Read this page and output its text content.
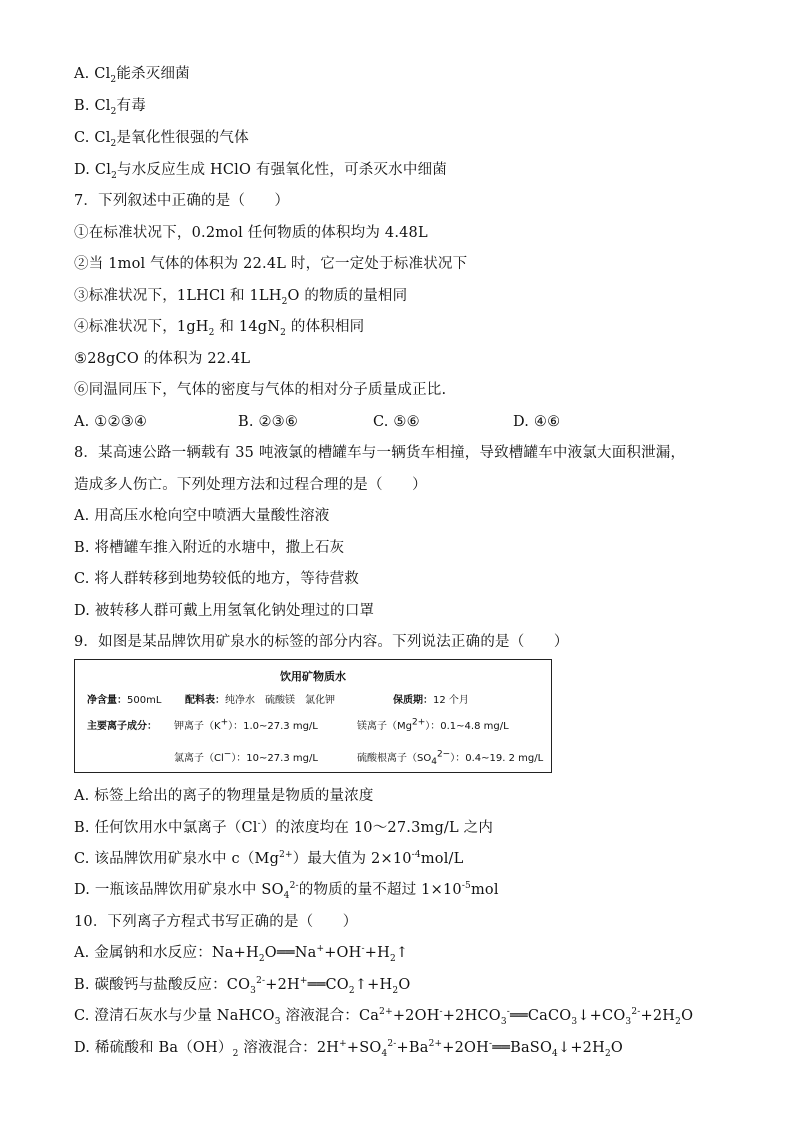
A. $Cl_2$能杀灭细菌
B. $Cl_2$有毒
C. $Cl_2$是氧化性很强的气体
D. $Cl_2$与水反应生成 HClO 有强氧化性，可杀灭水中细菌
7．下列叙述中正确的是（　　）
①在标准状况下，0.2mol 任何物质的体积均为 4.48L
②当 1mol 气体的体积为 22.4L 时，它一定处于标准状况下
③标准状况下，1LHCl 和 $1LH_2O$ 的物质的量相同
④标准状况下，$1gH_2$ 和 $14gN_2$ 的体积相同
⑤28gCO 的体积为 22.4L
⑥同温同压下，气体的密度与气体的相对分子质量成正比.
A. ①②③④	B. ②③⑥	C. ⑤⑥	D. ④⑥
8．某高速公路一辆载有 35 吨液氯的槽罐车与一辆货车相撞，导致槽罐车中液氯大面积泄漏，
造成多人伤亡。下列处理方法和过程合理的是（　　）
A. 用高压水枪向空中喷洒大量酸性溶液
B. 将槽罐车推入附近的水塘中，撒上石灰
C. 将人群转移到地势较低的地方，等待营救
D. 被转移人群可戴上用氢氧化钠处理过的口罩
9．如图是某品牌饮用矿泉水的标签的部分内容。下列说法正确的是（　　）
饮用矿物质水
净含量：500mL 配料表：纯净水　硫酸镁　氯化钾	保质期：12 个月
主要离子成分： 钾离子（K+）：1.0~27.3 mg/L	镁离子$(Mg^{2+})$：0.1~4.8 mg/L
氯离子（Cl−）：10~27.3 mg/L	硫酸根离子$(SO_4^{2-})$：0.4~19. 2 mg/L
A. 标签上给出的离子的物理量是物质的量浓度
B. 任何饮用水中氯离子（Cl-）的浓度均在 10～27.3mg/L 之内
C. 该品牌饮用矿泉水中 $c(Mg^{2+})$最大值为 $2\times 10^{-4}mol/L$
D. 一瓶该品牌饮用矿泉水中 $SO_4^{2-}$的物质的量不超过 $1\times 10^{-5}mol$
10．下列离子方程式书写正确的是（　　）
A. 金属钠和水反应：$Na+H_2O══Na^++OH^-+H_2↑$
B. 碳酸钙与盐酸反应：$CO_3^{2-}+2H^+══CO_2↑+H_2O$
C. 澄清石灰水与少量 NaHCO$_3$ 溶液混合：$Ca^{2+}+2OH^-+2HCO_3^-══CaCO_3↓+CO_3^{2-}+2H_2O$
D. 稀硫酸和 $Ba(OH)_2$ 溶液混合：$2H^++SO_4^{2-}+Ba^{2+}+2OH^-══BaSO_4↓+2H_2O$
